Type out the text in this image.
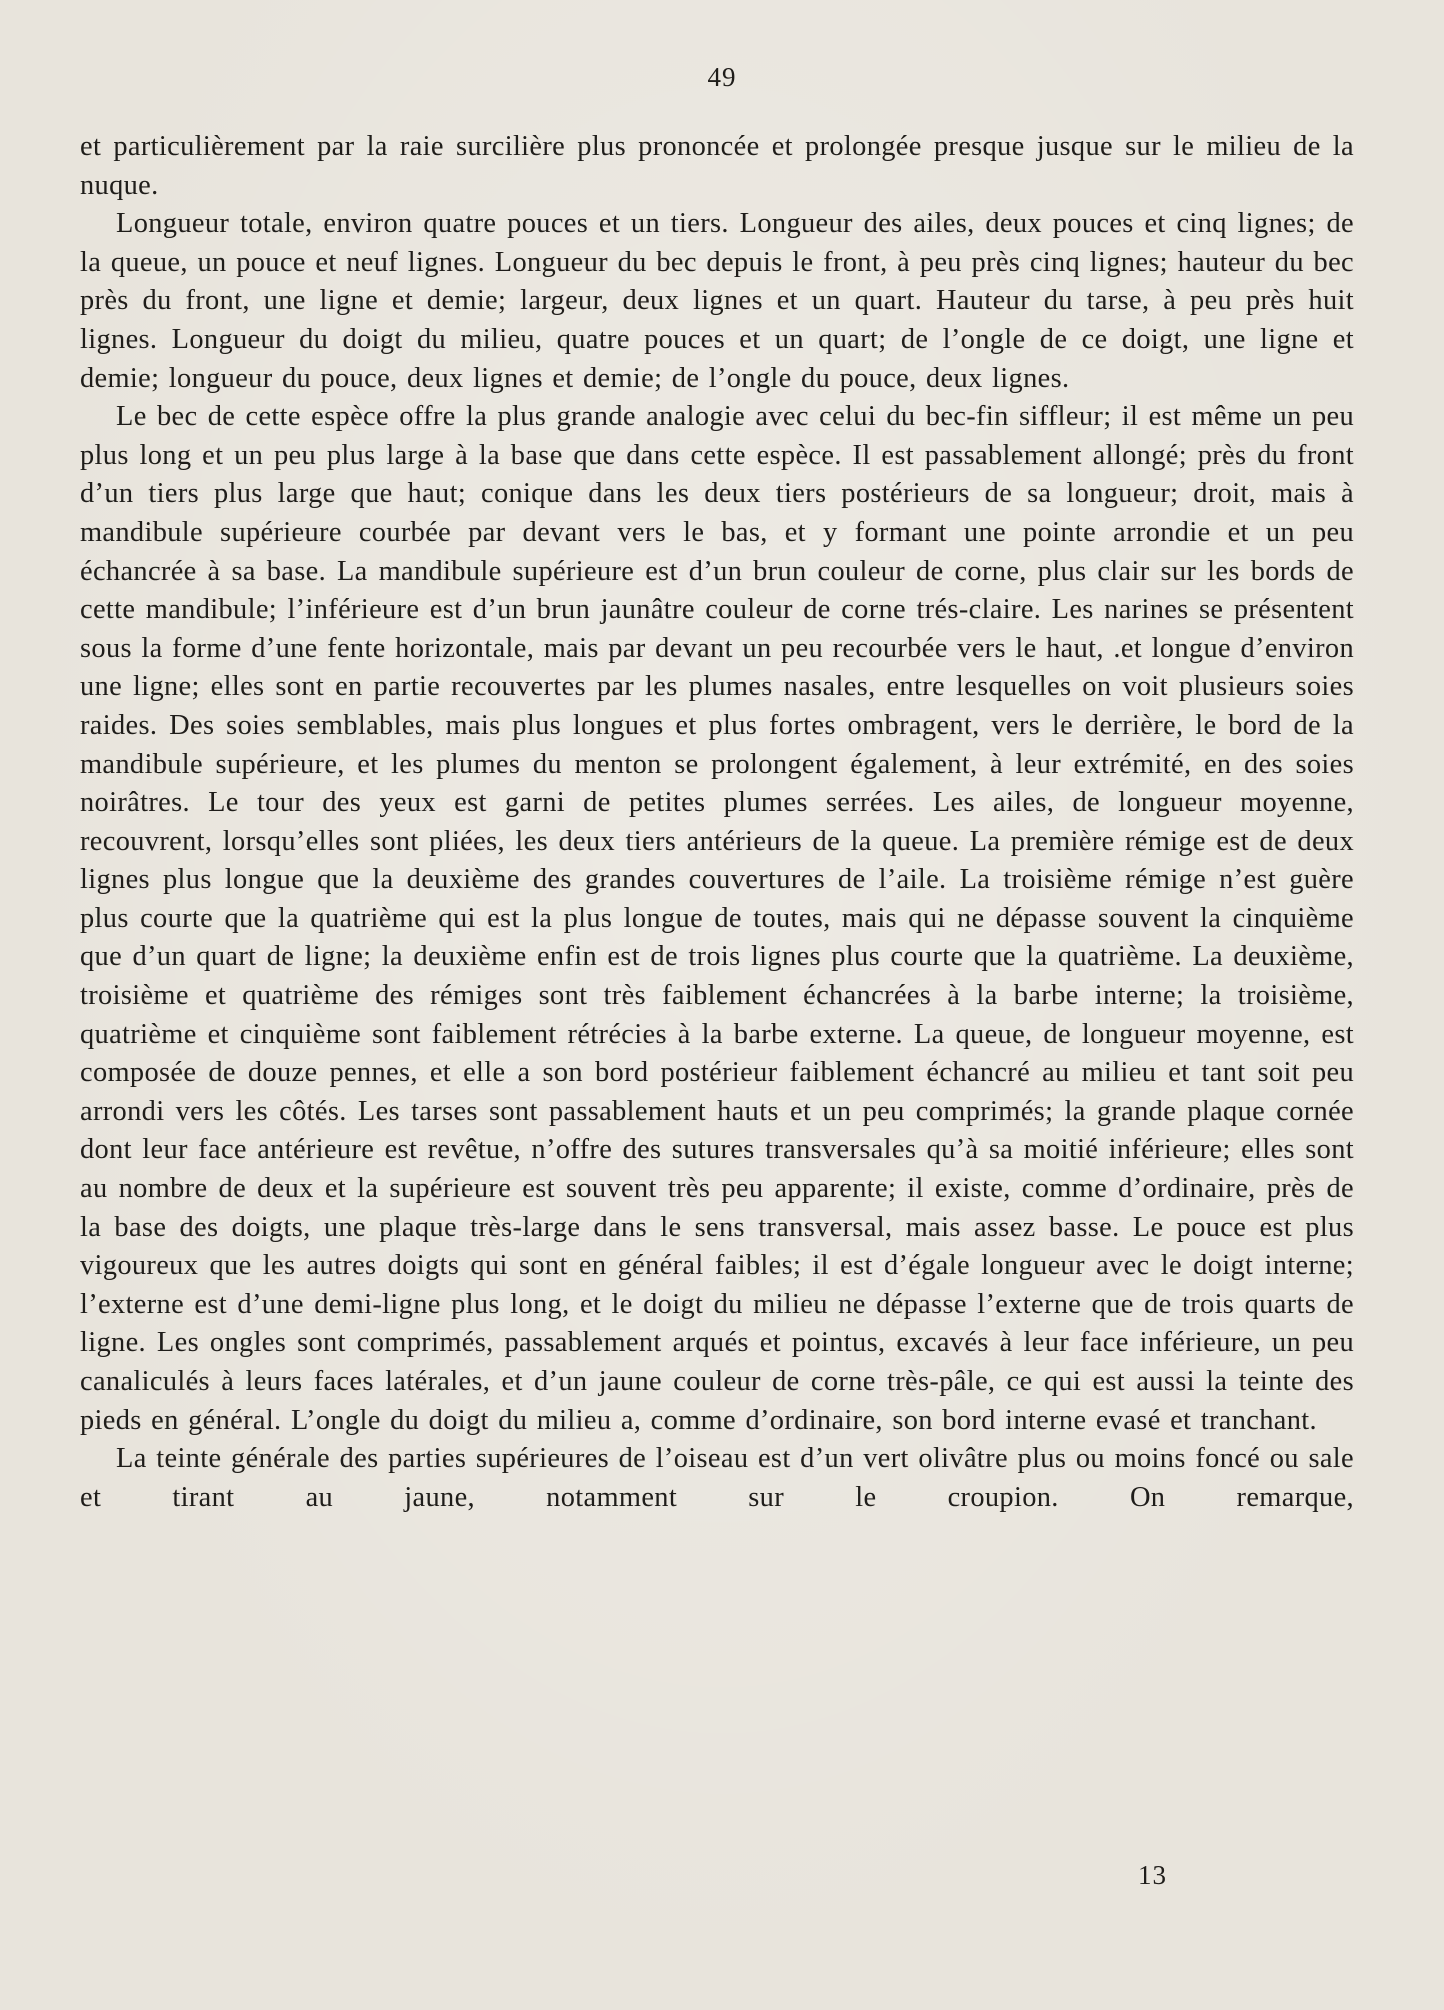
49

et particulièrement par la raie surcilière plus prononcée et prolongée presque jusque sur le milieu de la nuque.

Longueur totale, environ quatre pouces et un tiers. Longueur des ailes, deux pouces et cinq lignes; de la queue, un pouce et neuf lignes. Longueur du bec depuis le front, à peu près cinq lignes; hauteur du bec près du front, une ligne et demie; largeur, deux lignes et un quart. Hauteur du tarse, à peu près huit lignes. Longueur du doigt du milieu, quatre pouces et un quart; de l’ongle de ce doigt, une ligne et demie; longueur du pouce, deux lignes et demie; de l’ongle du pouce, deux lignes.

Le bec de cette espèce offre la plus grande analogie avec celui du bec-fin siffleur; il est même un peu plus long et un peu plus large à la base que dans cette espèce. Il est passablement allongé; près du front d’un tiers plus large que haut; conique dans les deux tiers postérieurs de sa longueur; droit, mais à mandibule supérieure courbée par devant vers le bas, et y formant une pointe arrondie et un peu échancrée à sa base. La mandibule supérieure est d’un brun couleur de corne, plus clair sur les bords de cette mandibule; l’inférieure est d’un brun jaunâtre couleur de corne trés-claire. Les narines se présentent sous la forme d’une fente horizontale, mais par devant un peu recourbée vers le haut, .et longue d’environ une ligne; elles sont en partie recouvertes par les plumes nasales, entre lesquelles on voit plusieurs soies raides. Des soies semblables, mais plus longues et plus fortes ombragent, vers le derrière, le bord de la mandibule supérieure, et les plumes du menton se prolongent également, à leur extrémité, en des soies noirâtres. Le tour des yeux est garni de petites plumes serrées. Les ailes, de longueur moyenne, recouvrent, lorsqu’elles sont pliées, les deux tiers antérieurs de la queue. La première rémige est de deux lignes plus longue que la deuxième des grandes couvertures de l’aile. La troisième rémige n’est guère plus courte que la quatrième qui est la plus longue de toutes, mais qui ne dépasse souvent la cinquième que d’un quart de ligne; la deuxième enfin est de trois lignes plus courte que la quatrième. La deuxième, troisième et quatrième des rémiges sont très faiblement échancrées à la barbe interne; la troisième, quatrième et cinquième sont faiblement rétrécies à la barbe externe. La queue, de longueur moyenne, est composée de douze pennes, et elle a son bord postérieur faiblement échancré au milieu et tant soit peu arrondi vers les côtés. Les tarses sont passablement hauts et un peu comprimés; la grande plaque cornée dont leur face antérieure est revêtue, n’offre des sutures transversales qu’à sa moitié inférieure; elles sont au nombre de deux et la supérieure est souvent très peu apparente; il existe, comme d’ordinaire, près de la base des doigts, une plaque très-large dans le sens transversal, mais assez basse. Le pouce est plus vigoureux que les autres doigts qui sont en général faibles; il est d’égale longueur avec le doigt interne; l’externe est d’une demi-ligne plus long, et le doigt du milieu ne dépasse l’externe que de trois quarts de ligne. Les ongles sont comprimés, passablement arqués et pointus, excavés à leur face inférieure, un peu canaliculés à leurs faces latérales, et d’un jaune couleur de corne très-pâle, ce qui est aussi la teinte des pieds en général. L’ongle du doigt du milieu a, comme d’ordinaire, son bord interne evasé et tranchant.

La teinte générale des parties supérieures de l’oiseau est d’un vert olivâtre plus ou moins foncé ou sale et tirant au jaune, notamment sur le croupion. On remarque,

13
